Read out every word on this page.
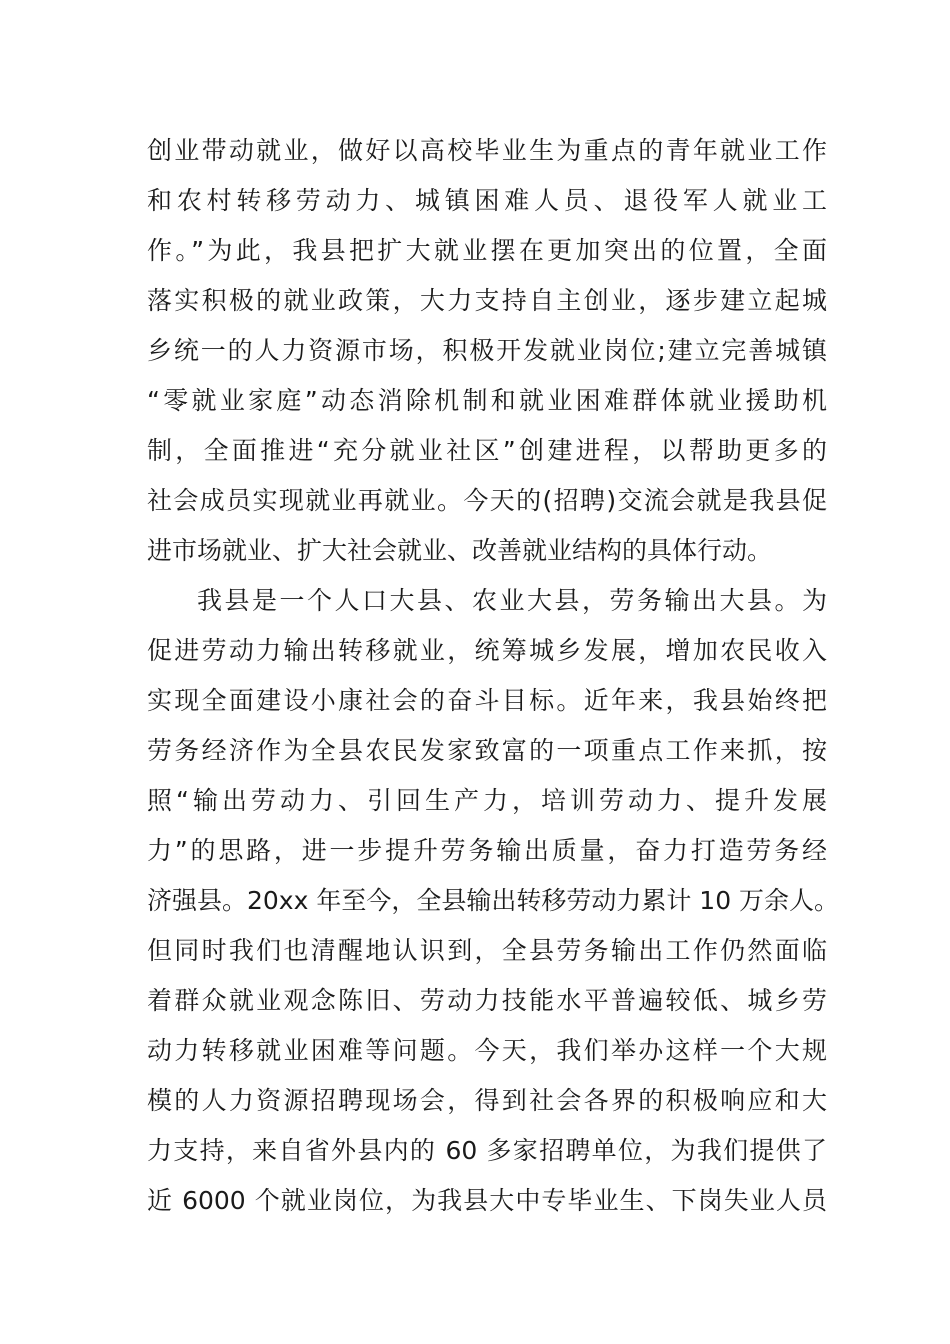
创业带动就业，做好以高校毕业生为重点的青年就业工作
和农村转移劳动力、城镇困难人员、退役军人就业工
作。”为此，我县把扩大就业摆在更加突出的位置，全面
落实积极的就业政策，大力支持自主创业，逐步建立起城
乡统一的人力资源市场，积极开发就业岗位;建立完善城镇
“零就业家庭”动态消除机制和就业困难群体就业援助机
制，全面推进“充分就业社区”创建进程，以帮助更多的
社会成员实现就业再就业。今天的(招聘)交流会就是我县促
进市场就业、扩大社会就业、改善就业结构的具体行动。
我县是一个人口大县、农业大县，劳务输出大县。为
促进劳动力输出转移就业，统筹城乡发展，增加农民收入
实现全面建设小康社会的奋斗目标。近年来，我县始终把
劳务经济作为全县农民发家致富的一项重点工作来抓，按
照“输出劳动力、引回生产力，培训劳动力、提升发展
力”的思路，进一步提升劳务输出质量，奋力打造劳务经
济强县。20xx 年至今，全县输出转移劳动力累计 10 万余人。
但同时我们也清醒地认识到，全县劳务输出工作仍然面临
着群众就业观念陈旧、劳动力技能水平普遍较低、城乡劳
动力转移就业困难等问题。今天，我们举办这样一个大规
模的人力资源招聘现场会，得到社会各界的积极响应和大
力支持，来自省外县内的 60 多家招聘单位，为我们提供了
近 6000 个就业岗位，为我县大中专毕业生、下岗失业人员
